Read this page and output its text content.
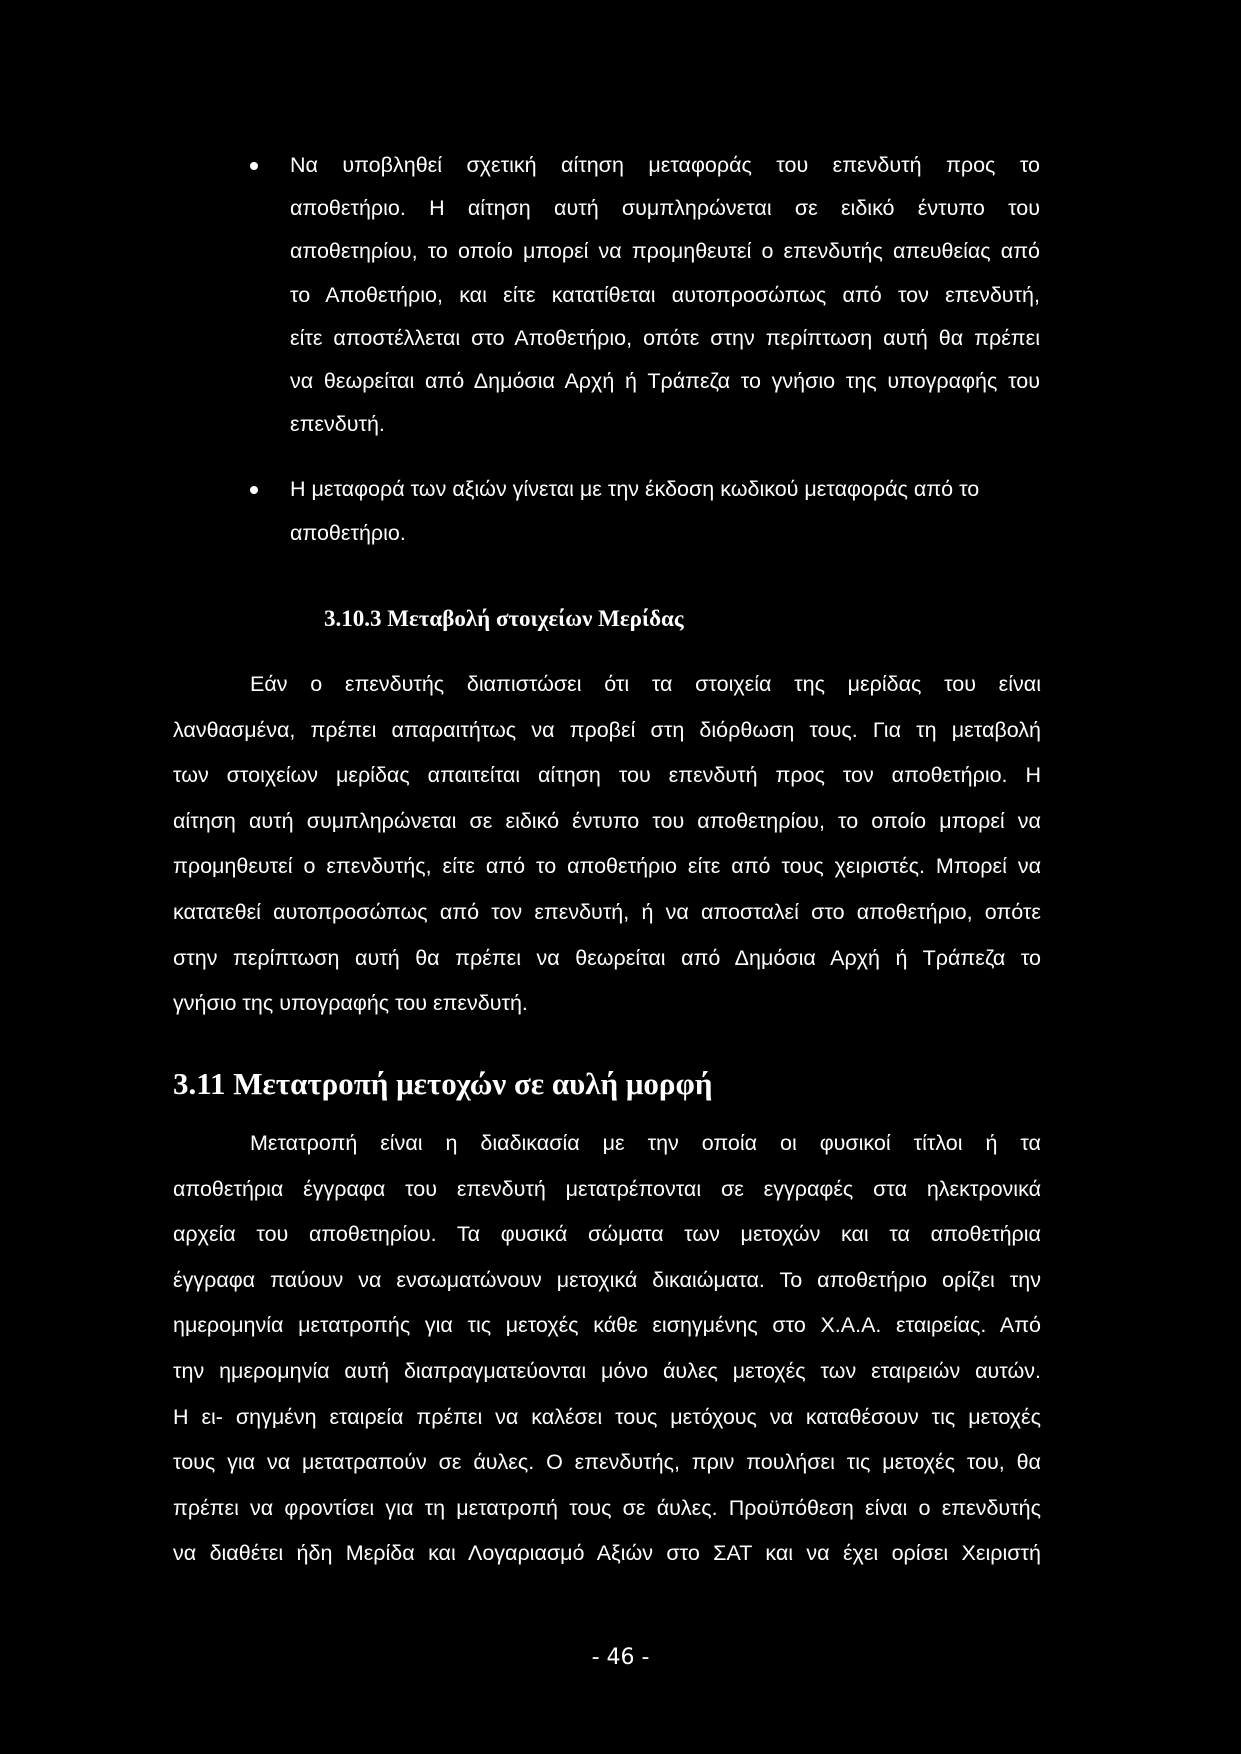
Να υποβληθεί σχετική αίτηση μεταφοράς του επενδυτή προς το
αποθετήριο. Η αίτηση αυτή συμπληρώνεται σε ειδικό έντυπο του
αποθετηρίου, το οποίο μπορεί να προμηθευτεί ο επενδυτής απευθείας από
το Αποθετήριο, και είτε κατατίθεται αυτοπροσώπως από τον επενδυτή,
είτε αποστέλλεται στο Αποθετήριο, οπότε στην περίπτωση αυτή θα πρέπει
να θεωρείται από Δημόσια Αρχή ή Τράπεζα το γνήσιο της υπογραφής του
επενδυτή.
Η μεταφορά των αξιών γίνεται με την έκδοση κωδικού μεταφοράς από το
αποθετήριο.
3.10.3 Μεταβολή στοιχείων Μερίδας

Εάν ο επενδυτής διαπιστώσει ότι τα στοιχεία της μερίδας του είναι
λανθασμένα, πρέπει απαραιτήτως να προβεί στη διόρθωση τους. Για τη μεταβολή
των στοιχείων μερίδας απαιτείται αίτηση του επενδυτή προς τον αποθετήριο. Η
αίτηση αυτή συμπληρώνεται σε ειδικό έντυπο του αποθετηρίου, το οποίο μπορεί να
προμηθευτεί ο επενδυτής, είτε από το αποθετήριο είτε από τους χειριστές. Μπορεί να
κατατεθεί αυτοπροσώπως από τον επενδυτή, ή να αποσταλεί στο αποθετήριο, οπότε
στην περίπτωση αυτή θα πρέπει να θεωρείται από Δημόσια Αρχή ή Τράπεζα το
γνήσιο της υπογραφής του επενδυτή.

3.11 Μετατροπή μετοχών σε αυλή μορφή

Μετατροπή είναι η διαδικασία με την οποία οι φυσικοί τίτλοι ή τα
αποθετήρια έγγραφα του επενδυτή μετατρέπονται σε εγγραφές στα ηλεκτρονικά
αρχεία του αποθετηρίου. Τα φυσικά σώματα των μετοχών και τα αποθετήρια
έγγραφα παύουν να ενσωματώνουν μετοχικά δικαιώματα. Το αποθετήριο ορίζει την
ημερομηνία μετατροπής για τις μετοχές κάθε εισηγμένης στο Χ.Α.Α. εταιρείας. Από
την ημερομηνία αυτή διαπραγματεύονται μόνο άυλες μετοχές των εταιρειών αυτών.
Η ει- σηγμένη εταιρεία πρέπει να καλέσει τους μετόχους να καταθέσουν τις μετοχές
τους για να μετατραπούν σε άυλες. Ο επενδυτής, πριν πουλήσει τις μετοχές του, θα
πρέπει να φροντίσει για τη μετατροπή τους σε άυλες. Προϋπόθεση είναι ο επενδυτής
να διαθέτει ήδη Μερίδα και Λογαριασμό Αξιών στο ΣΑΤ και να έχει ορίσει Χειριστή

- 46 -
